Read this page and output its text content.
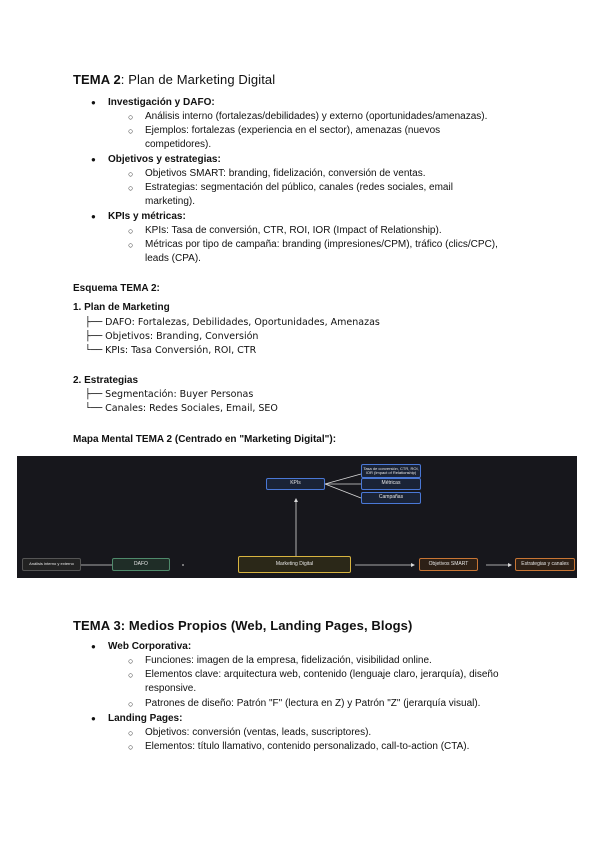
TEMA 2: Plan de Marketing Digital
● Investigación y DAFO:
○ Análisis interno (fortalezas/debilidades) y externo (oportunidades/amenazas).
○ Ejemplos: fortalezas (experiencia en el sector), amenazas (nuevos competidores).
● Objetivos y estrategias:
○ Objetivos SMART: branding, fidelización, conversión de ventas.
○ Estrategias: segmentación del público, canales (redes sociales, email marketing).
● KPIs y métricas:
○ KPIs: Tasa de conversión, CTR, ROI, IOR (Impact of Relationship).
○ Métricas por tipo de campaña: branding (impresiones/CPM), tráfico (clics/CPC), leads (CPA).
Esquema TEMA 2:
1. Plan de Marketing
├── DAFO: Fortalezas, Debilidades, Oportunidades, Amenazas
├── Objetivos: Branding, Conversión
└── KPIs: Tasa Conversión, ROI, CTR
2. Estrategias
├── Segmentación: Buyer Personas
└── Canales: Redes Sociales, Email, SEO
Mapa Mental TEMA 2 (Centrado en "Marketing Digital"):
KPIs
Tasa de conversión, CTR, ROI, IOR (Impact of Relationship)
Métricas
Campañas
Análisis interno y externo	DAFO	Marketing Digital	Objetivos SMART	Estrategias y canales
TEMA 3: Medios Propios (Web, Landing Pages, Blogs)
● Web Corporativa:
○ Funciones: imagen de la empresa, fidelización, visibilidad online.
○ Elementos clave: arquitectura web, contenido (lenguaje claro, jerarquía), diseño responsive.
○ Patrones de diseño: Patrón "F" (lectura en Z) y Patrón "Z" (jerarquía visual).
● Landing Pages:
○ Objetivos: conversión (ventas, leads, suscriptores).
○ Elementos: título llamativo, contenido personalizado, call-to-action (CTA).
